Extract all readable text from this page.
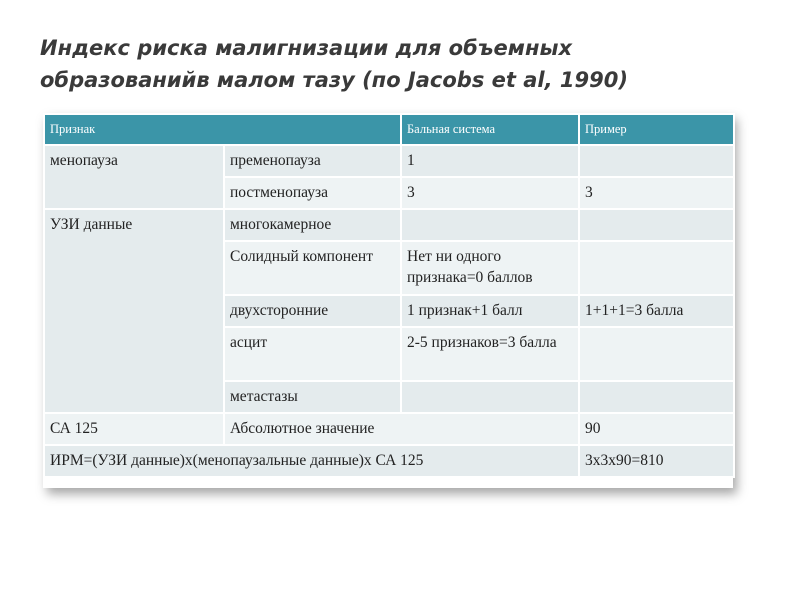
Индекс риска малигнизации для объемных образованийв малом тазу (по Jacobs et al, 1990)
Признак		Бальная система	Пример
менопауза	пременопауза	1	
	постменопауза	3	3
УЗИ данные	многокамерное		
	Солидный компонент	Нет ни одного признака=0 баллов	
	двухсторонние	1 признак+1 балл	1+1+1=3 балла
	асцит	2-5 признаков=3 балла	
	метастазы		
СА 125	Абсолютное значение		90
ИРМ=(УЗИ данные)х(менопаузальные данные)х СА 125			3х3х90=810
